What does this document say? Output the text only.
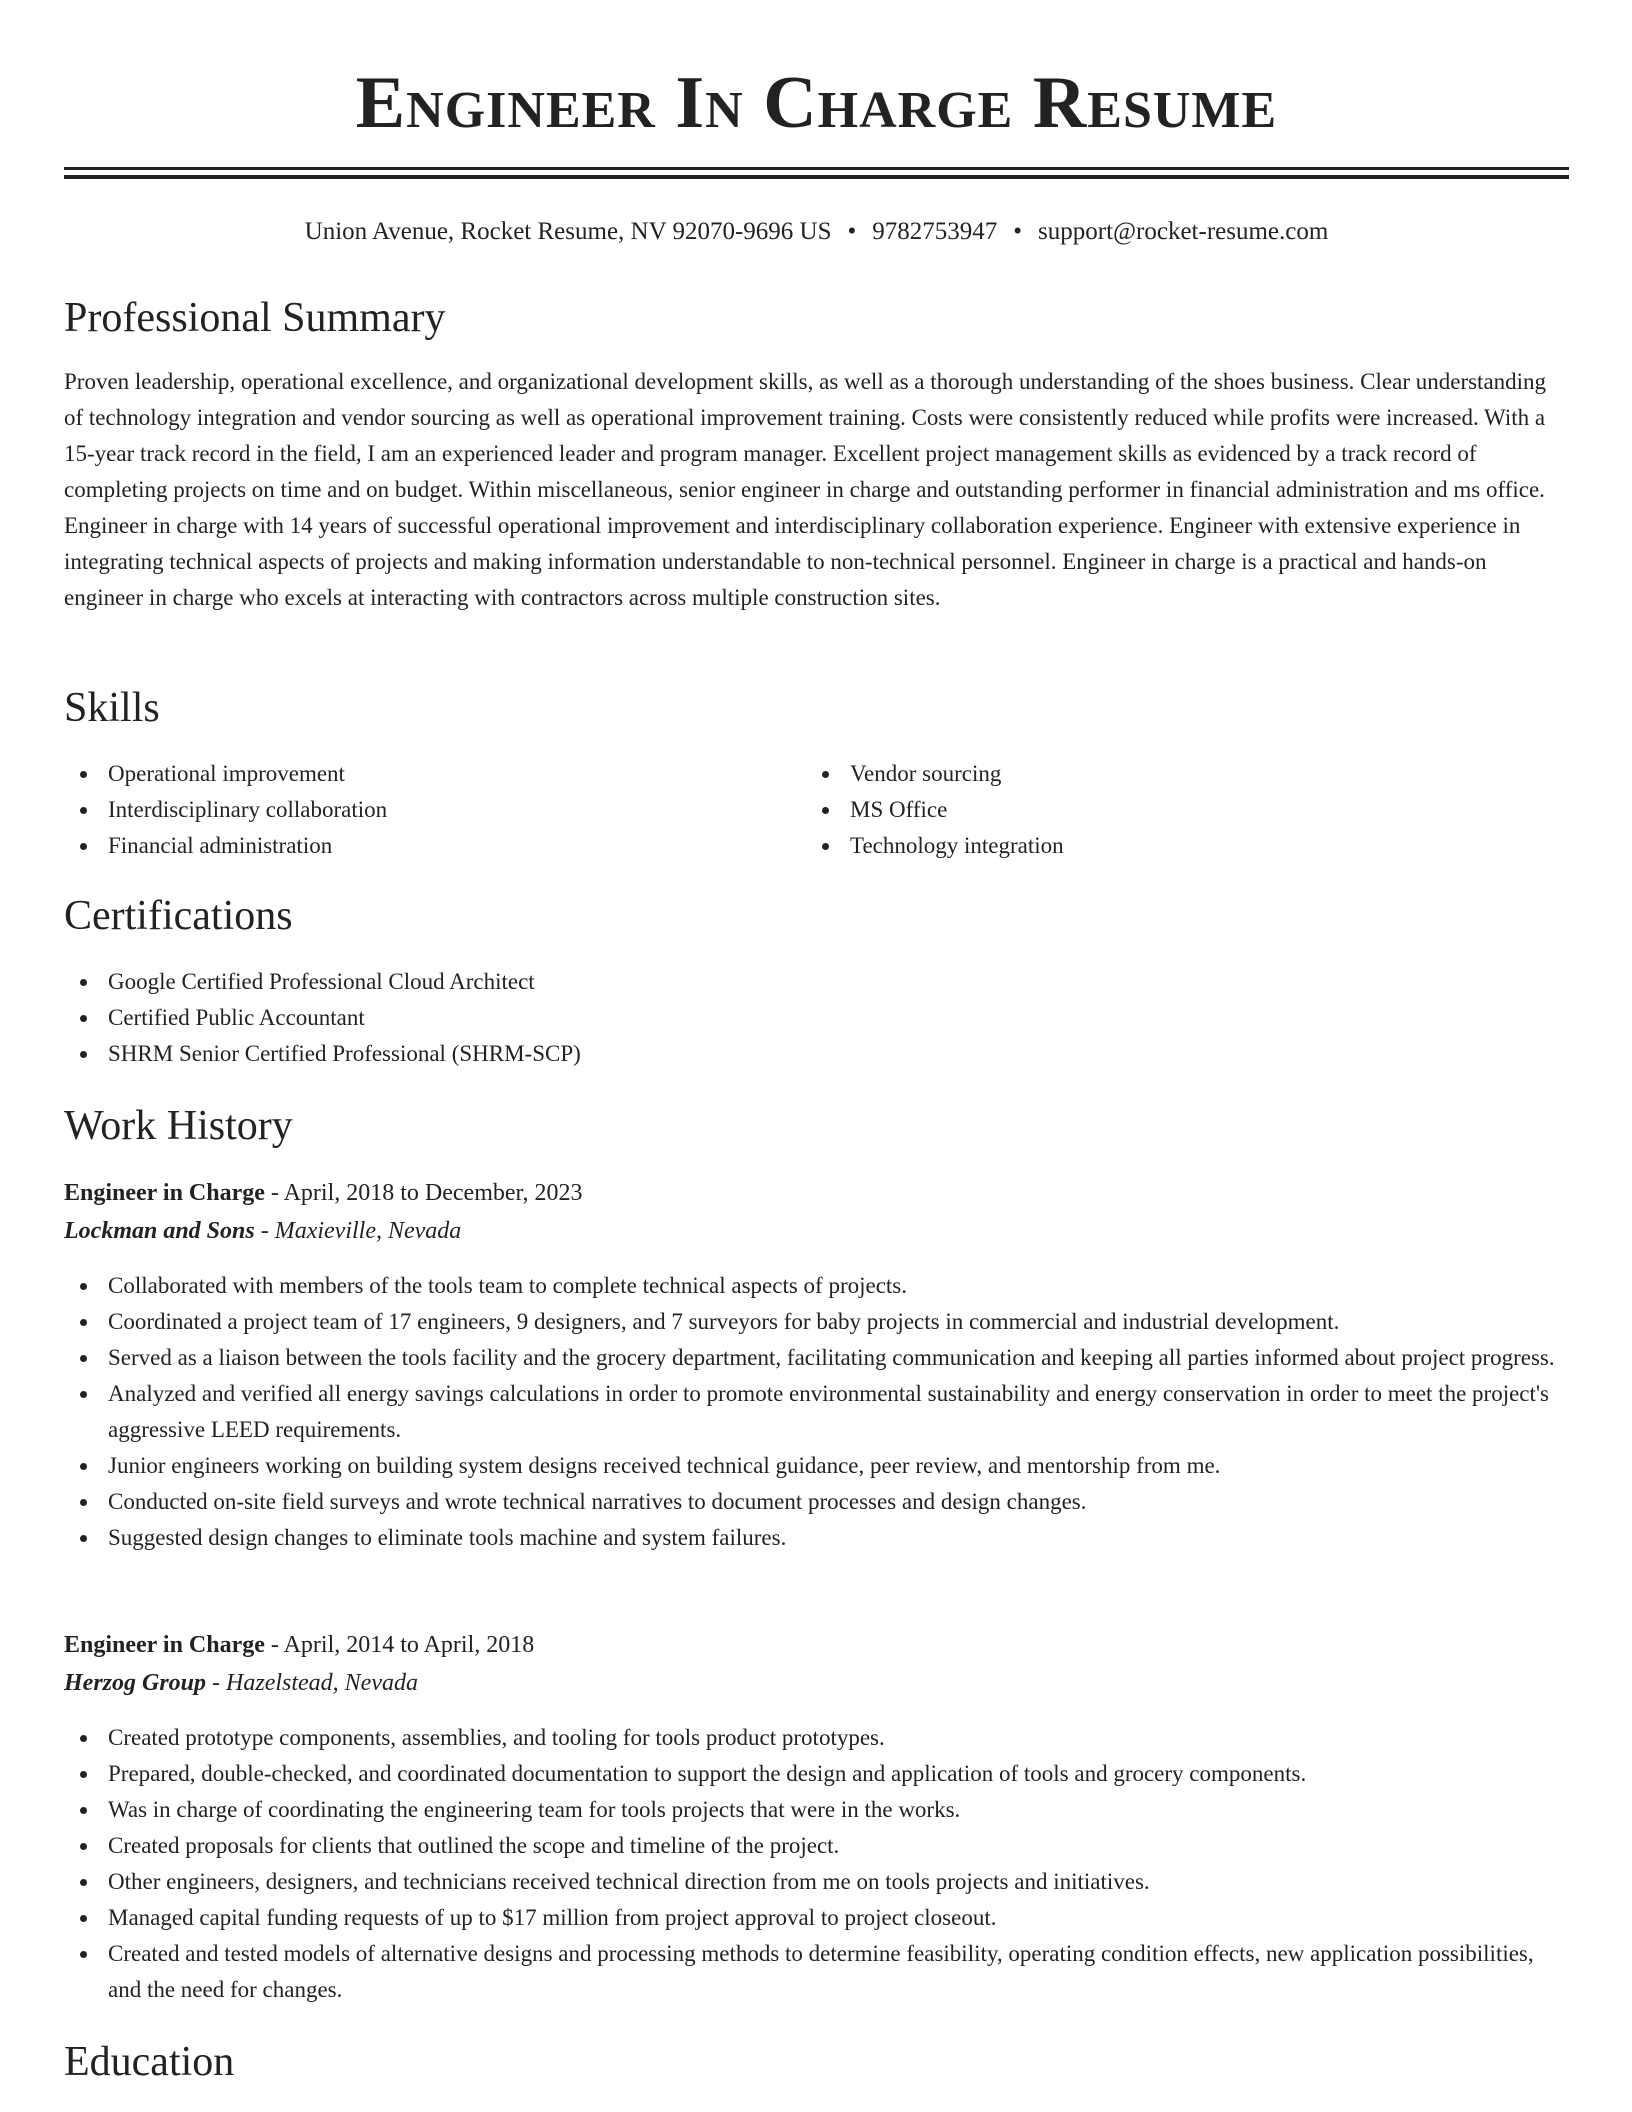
Engineer In Charge Resume
Union Avenue, Rocket Resume, NV 92070-9696 US • 9782753947 • support@rocket-resume.com
Professional Summary

Proven leadership, operational excellence, and organizational development skills, as well as a thorough understanding of the shoes business. Clear understanding of technology integration and vendor sourcing as well as operational improvement training. Costs were consistently reduced while profits were increased. With a 15-year track record in the field, I am an experienced leader and program manager. Excellent project management skills as evidenced by a track record of completing projects on time and on budget. Within miscellaneous, senior engineer in charge and outstanding performer in financial administration and ms office. Engineer in charge with 14 years of successful operational improvement and interdisciplinary collaboration experience. Engineer with extensive experience in integrating technical aspects of projects and making information understandable to non-technical personnel. Engineer in charge is a practical and hands-on engineer in charge who excels at interacting with contractors across multiple construction sites.

Skills
Operational improvement
Interdisciplinary collaboration
Financial administration
Vendor sourcing
MS Office
Technology integration
Certifications
Google Certified Professional Cloud Architect
Certified Public Accountant
SHRM Senior Certified Professional (SHRM-SCP)
Work History
Engineer in Charge - April, 2018 to December, 2023
Lockman and Sons - Maxieville, Nevada
Collaborated with members of the tools team to complete technical aspects of projects.
Coordinated a project team of 17 engineers, 9 designers, and 7 surveyors for baby projects in commercial and industrial development.
Served as a liaison between the tools facility and the grocery department, facilitating communication and keeping all parties informed about project progress.
Analyzed and verified all energy savings calculations in order to promote environmental sustainability and energy conservation in order to meet the project's aggressive LEED requirements.
Junior engineers working on building system designs received technical guidance, peer review, and mentorship from me.
Conducted on-site field surveys and wrote technical narratives to document processes and design changes.
Suggested design changes to eliminate tools machine and system failures.
Engineer in Charge - April, 2014 to April, 2018
Herzog Group - Hazelstead, Nevada
Created prototype components, assemblies, and tooling for tools product prototypes.
Prepared, double-checked, and coordinated documentation to support the design and application of tools and grocery components.
Was in charge of coordinating the engineering team for tools projects that were in the works.
Created proposals for clients that outlined the scope and timeline of the project.
Other engineers, designers, and technicians received technical direction from me on tools projects and initiatives.
Managed capital funding requests of up to $17 million from project approval to project closeout.
Created and tested models of alternative designs and processing methods to determine feasibility, operating condition effects, new application possibilities, and the need for changes.
Education
